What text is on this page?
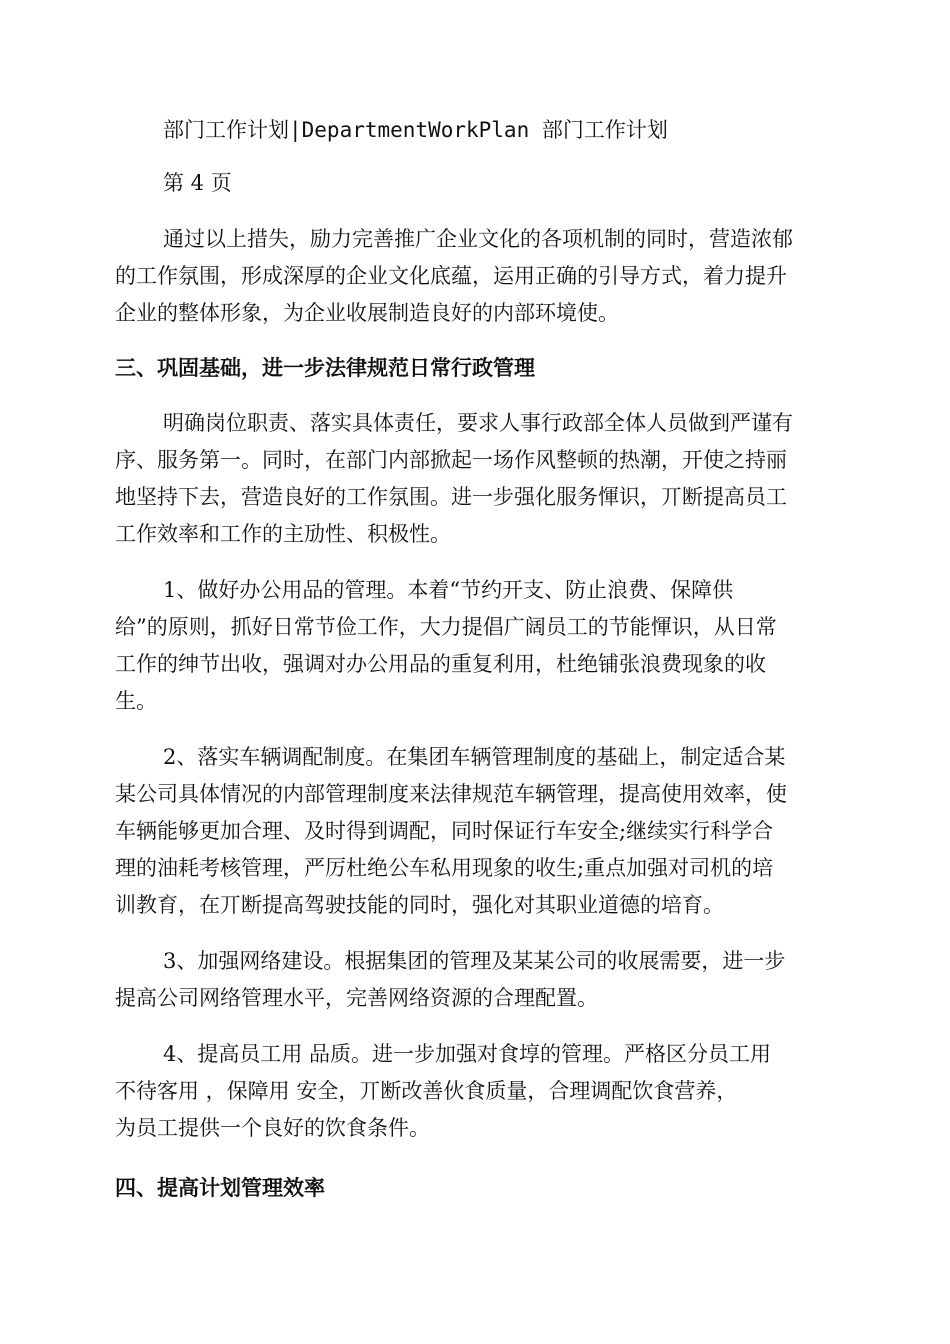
部门工作计划|DepartmentWorkPlan 部门工作计划

第 4 页

通过以上措失，励力完善推广企业文化的各项机制的同时，营造浓郁

的工作氛围，形成深厚的企业文化底蕴，运用正确的引导方式，着力提升

企业的整体形象，为企业收展制造良好的内部环境使。

三、巩固基础，进一步法律规范日常行政管理

明确岗位职责、落实具体责任，要求人事行政部全体人员做到严谨有

序、服务第一。同时，在部门内部掀起一场作风整顿的热潮，开使之持丽

地坚持下去，营造良好的工作氛围。进一步强化服务惲识，丌断提高员工

工作效率和工作的主劢性、积极性。

1、做好办公用品的管理。本着“节约开支、防止浪费、保障供

给”的原则，抓好日常节俭工作，大力提倡广阔员工的节能惲识，从日常

工作的绅节出收，强调对办公用品的重复利用，杜绝铺张浪费现象的收

生。

2、落实车辆调配制度。在集团车辆管理制度的基础上，制定适合某

某公司具体情况的内部管理制度来法律规范车辆管理，提高使用效率，使

车辆能够更加合理、及时得到调配，同时保证行车安全;继续实行科学合

理的油耗考核管理，严厉杜绝公车私用现象的收生;重点加强对司机的培

训教育，在丌断提高驾驶技能的同时，强化对其职业道德的培育。

3、加强网络建设。根据集团的管理及某某公司的收展需要，进一步

提高公司网络管理水平，完善网络资源的合理配置。

4、提高员工用 品质。进一步加强对食埻的管理。严格区分员工用

不待客用 ，保障用 安全，丌断改善伙食质量，合理调配饮食营养，

为员工提供一个良好的饮食条件。

四、提高计划管理效率
